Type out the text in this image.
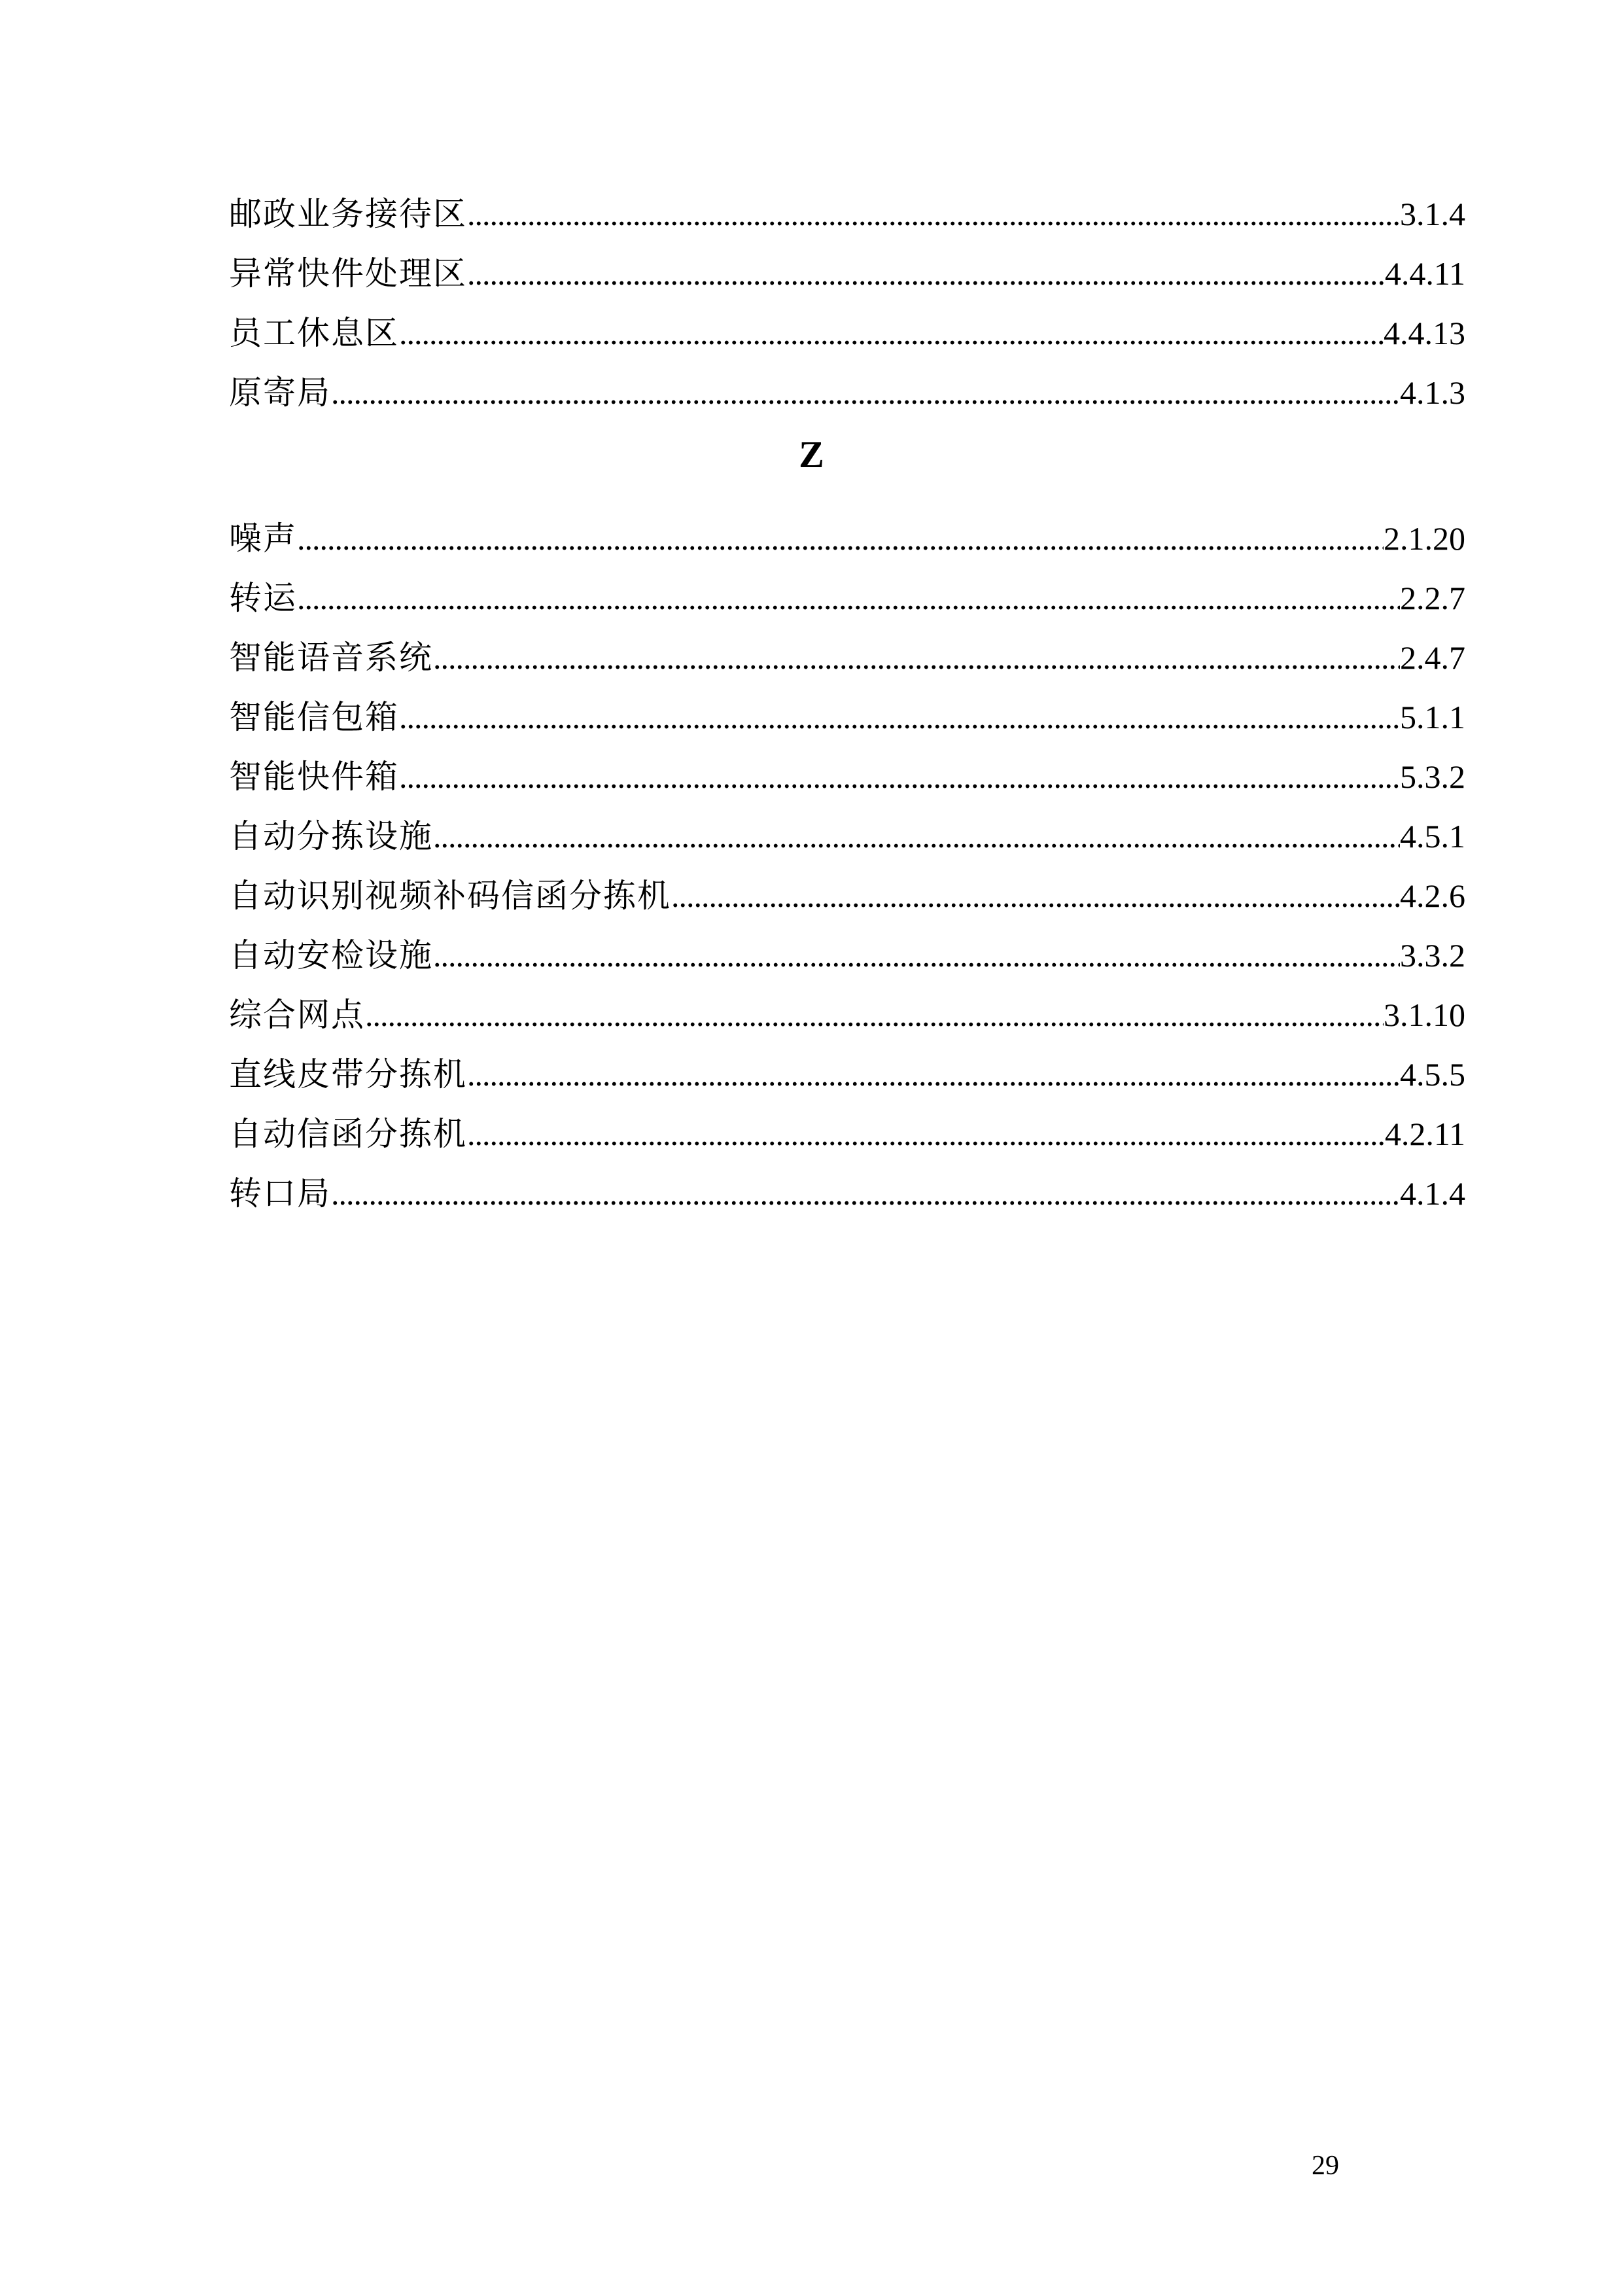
邮政业务接待区 .....	3.1.4
异常快件处理区 .....	4.4.11
员工休息区 .....	4.4.13
原寄局 .....	4.1.3
Z
噪声 .....	2.1.20
转运 .....	2.2.7
智能语音系统 .....	2.4.7
智能信包箱 .....	5.1.1
智能快件箱 .....	5.3.2
自动分拣设施 .....	4.5.1
自动识别视频补码信函分拣机 .....	4.2.6
自动安检设施 .....	3.3.2
综合网点 .....	3.1.10
直线皮带分拣机 .....	4.5.5
自动信函分拣机 .....	4.2.11
转口局 .....	4.1.4
29
